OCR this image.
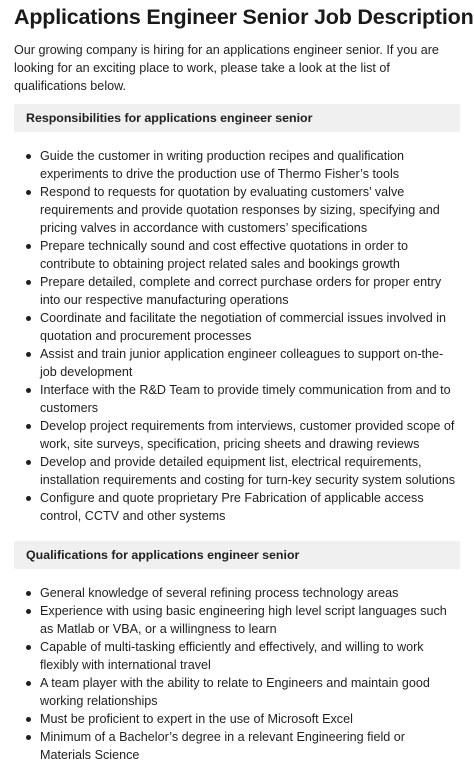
Applications Engineer Senior Job Description

Our growing company is hiring for an applications engineer senior. If you are looking for an exciting place to work, please take a look at the list of qualifications below.

Responsibilities for applications engineer senior
Guide the customer in writing production recipes and qualification experiments to drive the production use of Thermo Fisher’s tools
Respond to requests for quotation by evaluating customers’ valve requirements and provide quotation responses by sizing, specifying and pricing valves in accordance with customers’ specifications
Prepare technically sound and cost effective quotations in order to contribute to obtaining project related sales and bookings growth
Prepare detailed, complete and correct purchase orders for proper entry into our respective manufacturing operations
Coordinate and facilitate the negotiation of commercial issues involved in quotation and procurement processes
Assist and train junior application engineer colleagues to support on-the-job development
Interface with the R&D Team to provide timely communication from and to customers
Develop project requirements from interviews, customer provided scope of work, site surveys, specification, pricing sheets and drawing reviews
Develop and provide detailed equipment list, electrical requirements, installation requirements and costing for turn-key security system solutions
Configure and quote proprietary Pre Fabrication of applicable access control, CCTV and other systems
Qualifications for applications engineer senior
General knowledge of several refining process technology areas
Experience with using basic engineering high level script languages such as Matlab or VBA, or a willingness to learn
Capable of multi-tasking efficiently and effectively, and willing to work flexibly with international travel
A team player with the ability to relate to Engineers and maintain good working relationships
Must be proficient to expert in the use of Microsoft Excel
Minimum of a Bachelor’s degree in a relevant Engineering field or Materials Science
